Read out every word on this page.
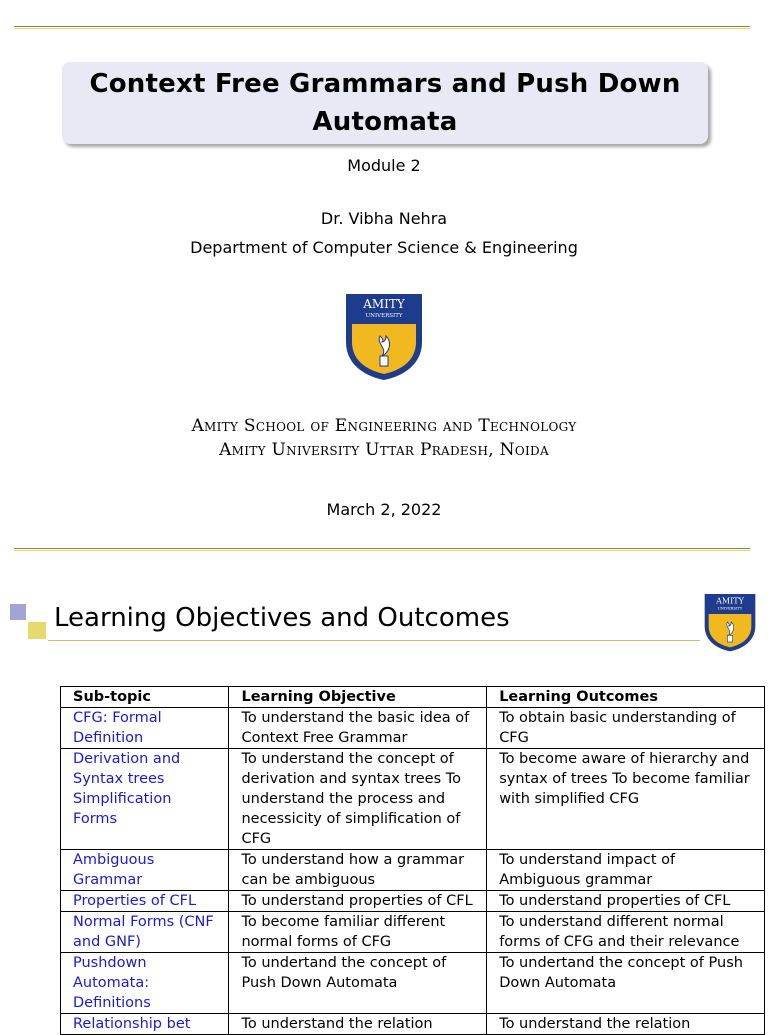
Context Free Grammars and Push Down Automata
Module 2
Dr. Vibha Nehra
Department of Computer Science & Engineering
AMITY
UNIVERSITY
Amity School of Engineering and Technology
Amity University Uttar Pradesh, Noida
March 2, 2022
Learning Objectives and Outcomes
AMITY
UNIVERSITY
Sub-topic	Learning Objective	Learning Outcomes
CFG: Formal Definition	To understand the basic idea of Context Free Grammar	To obtain basic understanding of CFG
Derivation and Syntax trees Simplification Forms	To understand the concept of derivation and syntax trees To understand the process and necessicity of simplification of CFG	To become aware of hierarchy and syntax of trees To become familiar with simplified CFG
Ambiguous Grammar	To understand how a grammar can be ambiguous	To understand impact of Ambiguous grammar
Properties of CFL	To understand properties of CFL	To understand properties of CFL
Normal Forms (CNF and GNF)	To become familiar different normal forms of CFG	To understand different normal forms of CFG and their relevance
Pushdown Automata: Definitions	To undertand the concept of Push Down Automata	To undertand the concept of Push Down Automata
Relationship bet	To understand the relation	To understand the relation
